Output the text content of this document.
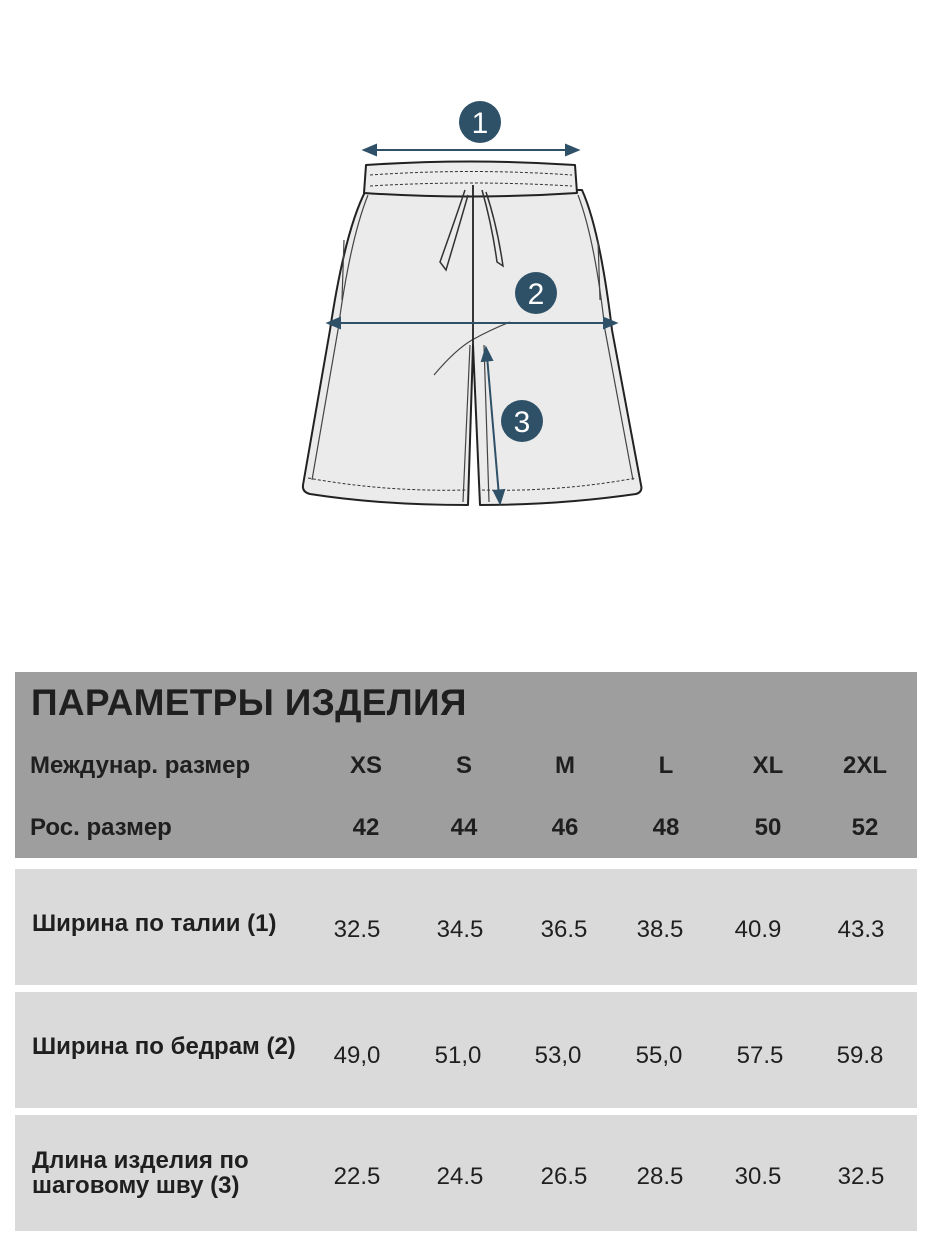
1
2
3
ПАРАМЕТРЫ ИЗДЕЛИЯ
Междунар. размер	XS	S	M	L	XL	2XL
Рос. размер	42	44	46	48	50	52
Ширина по талии (1)	32.5	34.5	36.5	38.5	40.9	43.3
Ширина по бедрам (2)	49,0	51,0	53,0	55,0	57.5	59.8
Длина изделия по
шаговому шву (3)	22.5	24.5	26.5	28.5	30.5	32.5
